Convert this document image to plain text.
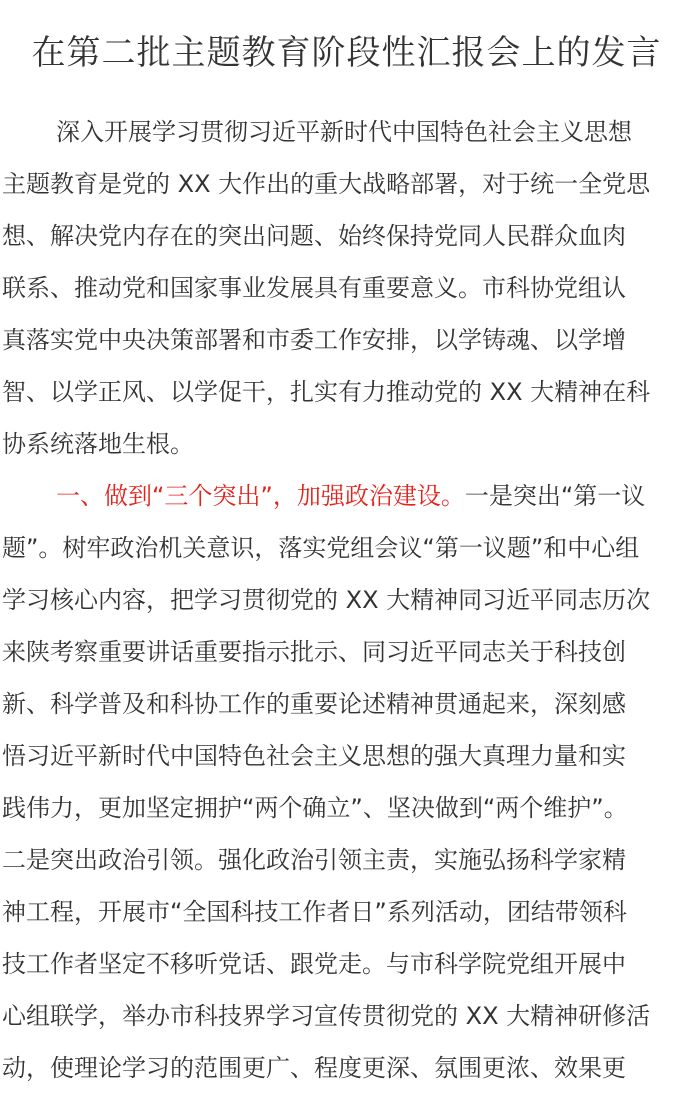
在第二批主题教育阶段性汇报会上的发言
深入开展学习贯彻习近平新时代中国特色社会主义思想
主题教育是党的 XX 大作出的重大战略部署，对于统一全党思
想、解决党内存在的突出问题、始终保持党同人民群众血肉
联系、推动党和国家事业发展具有重要意义。市科协党组认
真落实党中央决策部署和市委工作安排，以学铸魂、以学增
智、以学正风、以学促干，扎实有力推动党的 XX 大精神在科
协系统落地生根。
一、做到“三个突出”，加强政治建设。一是突出“第一议
题”。树牢政治机关意识，落实党组会议“第一议题”和中心组
学习核心内容，把学习贯彻党的 XX 大精神同习近平同志历次
来陕考察重要讲话重要指示批示、同习近平同志关于科技创
新、科学普及和科协工作的重要论述精神贯通起来，深刻感
悟习近平新时代中国特色社会主义思想的强大真理力量和实
践伟力，更加坚定拥护“两个确立”、坚决做到“两个维护”。
二是突出政治引领。强化政治引领主责，实施弘扬科学家精
神工程，开展市“全国科技工作者日”系列活动，团结带领科
技工作者坚定不移听党话、跟党走。与市科学院党组开展中
心组联学，举办市科技界学习宣传贯彻党的 XX 大精神研修活
动，使理论学习的范围更广、程度更深、氛围更浓、效果更
